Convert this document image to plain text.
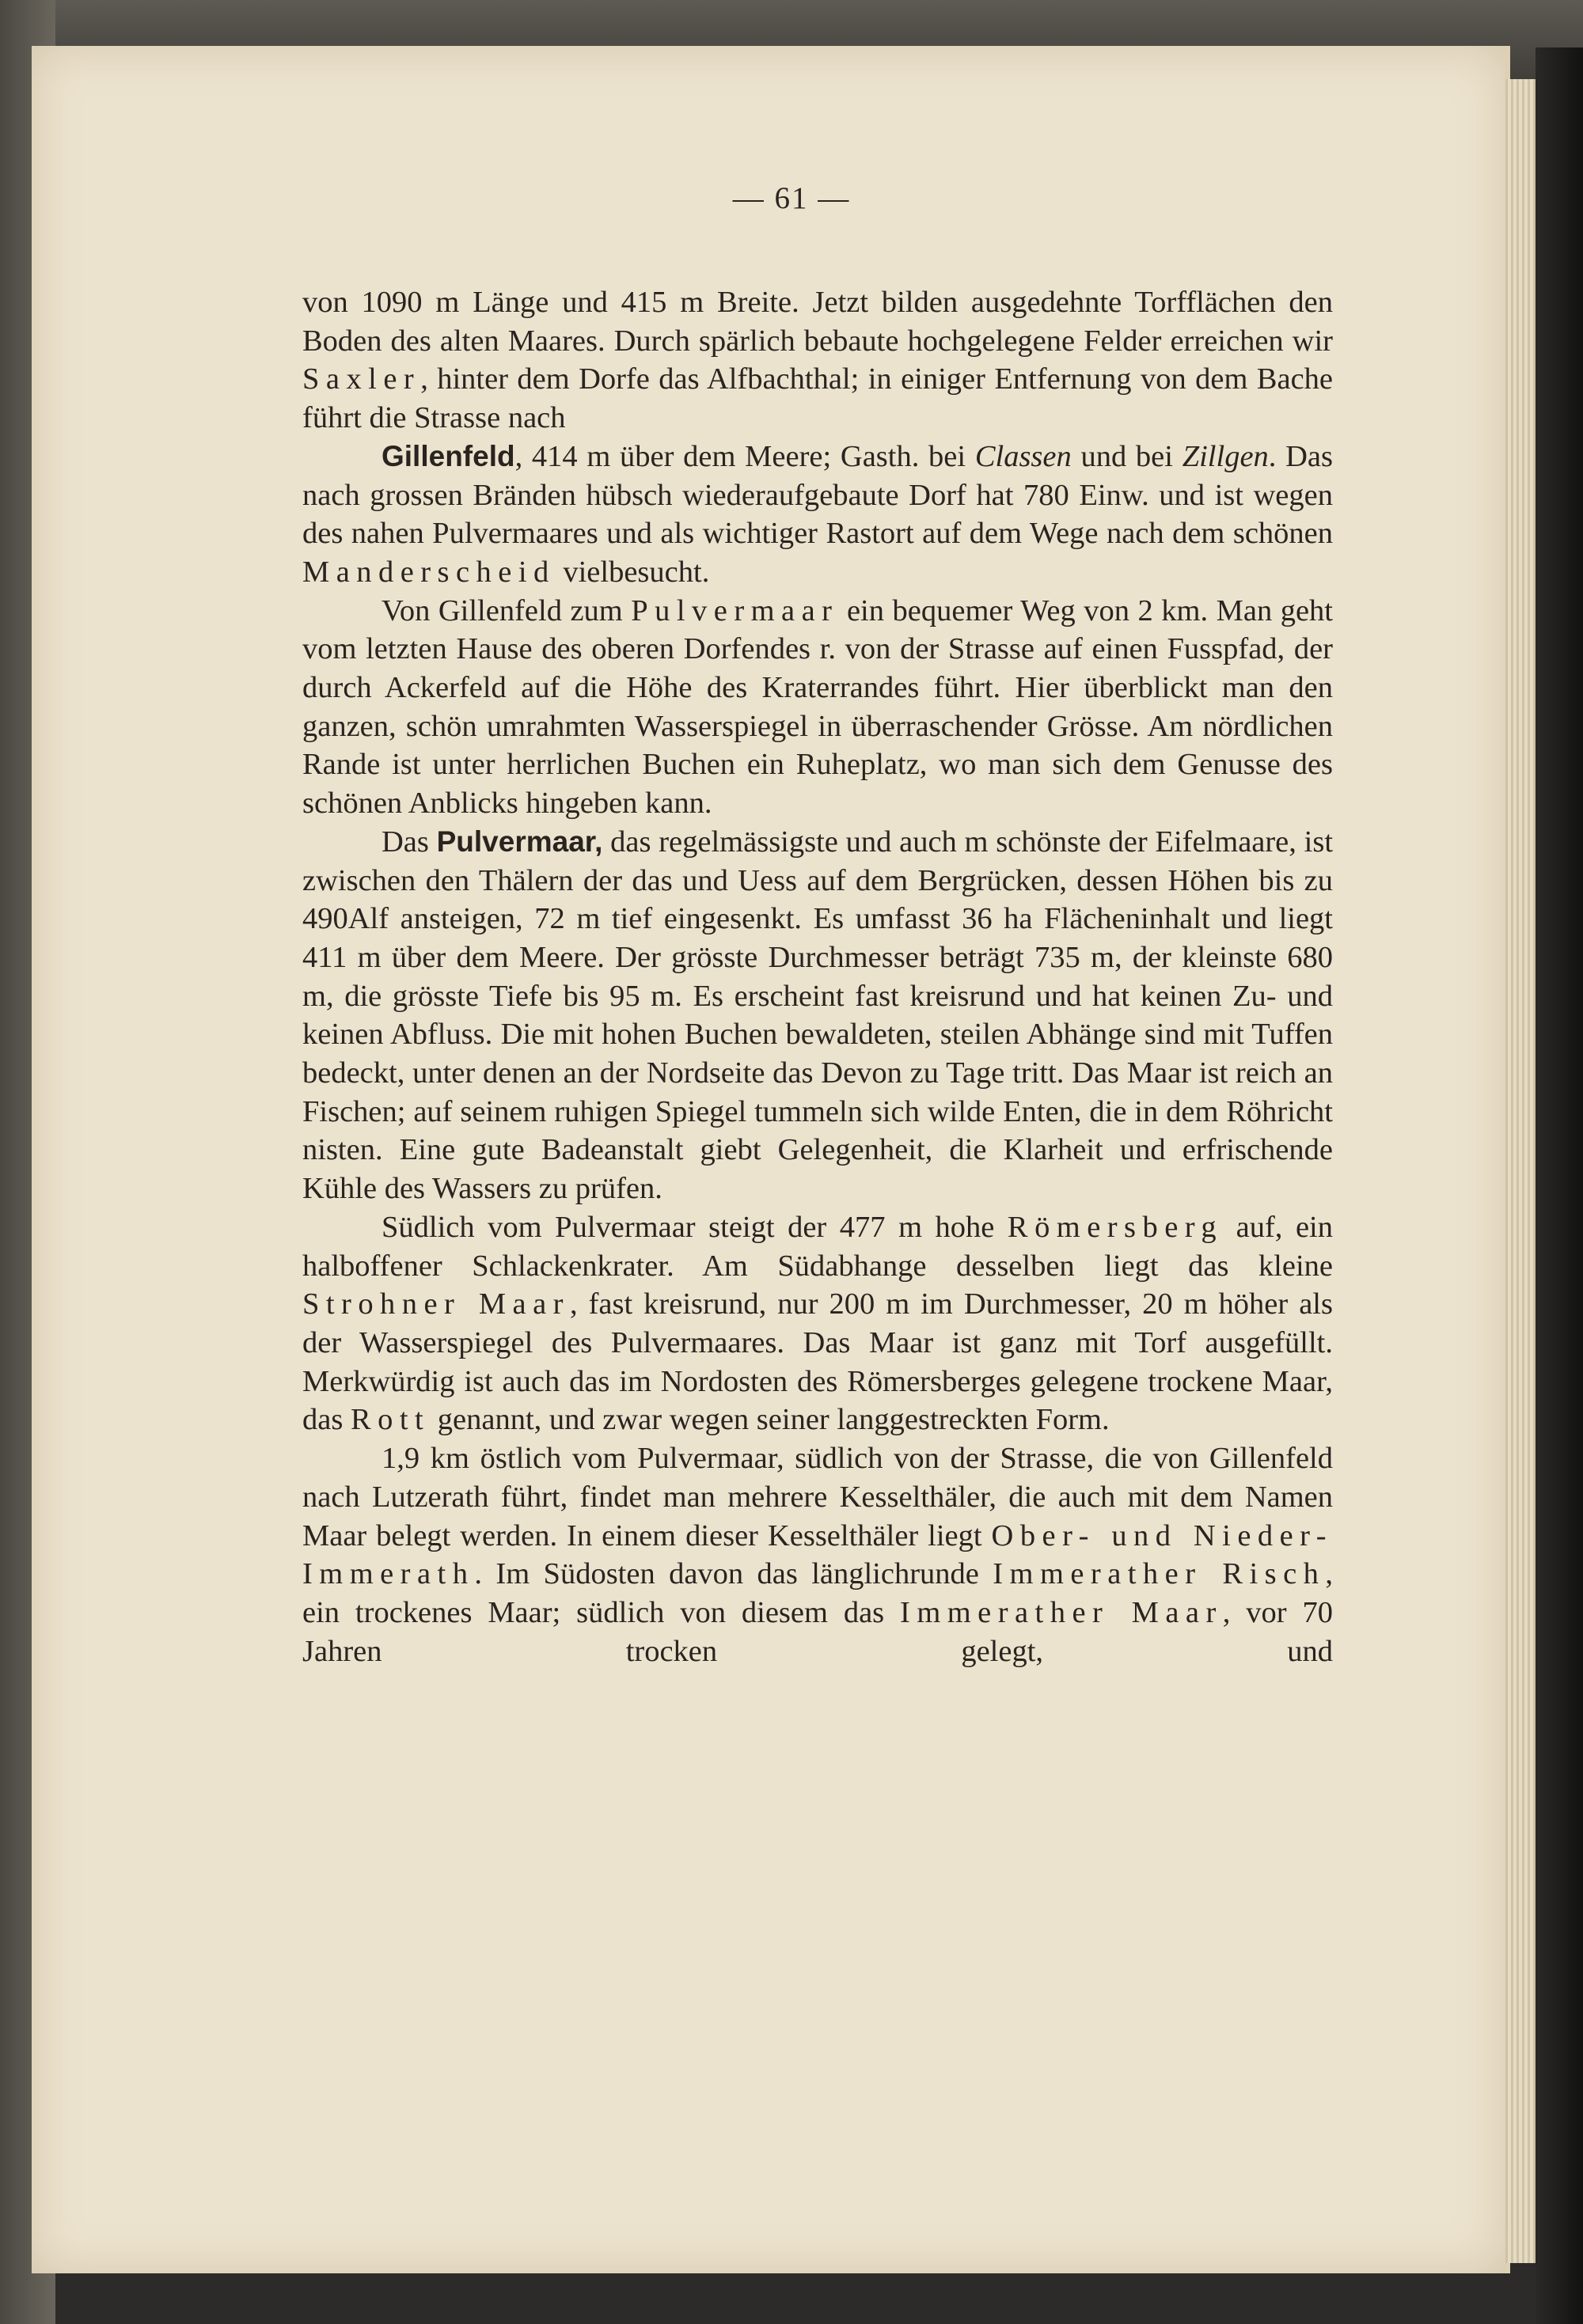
— 61 —

von 1090 m Länge und 415 m Breite. Jetzt bilden ausgedehnte Torfflächen den Boden des alten Maares. Durch spärlich bebaute hochgelegene Felder erreichen wir Saxler, hinter dem Dorfe das Alfbachthal; in einiger Entfernung von dem Bache führt die Strasse nach

Gillenfeld, 414 m über dem Meere; Gasth. bei Classen und bei Zillgen. Das nach grossen Bränden hübsch wiederaufgebaute Dorf hat 780 Einw. und ist wegen des nahen Pulvermaares und als wichtiger Rastort auf dem Wege nach dem schönen Manderscheid vielbesucht.

Von Gillenfeld zum Pulvermaar ein bequemer Weg von 2 km. Man geht vom letzten Hause des oberen Dorfendes r. von der Strasse auf einen Fusspfad, der durch Ackerfeld auf die Höhe des Kraterrandes führt. Hier überblickt man den ganzen, schön umrahmten Wasserspiegel in überraschender Grösse. Am nördlichen Rande ist unter herrlichen Buchen ein Ruheplatz, wo man sich dem Genusse des schönen Anblicks hingeben kann.

Das Pulvermaar, das regelmässigste und auch m schönste der Eifelmaare, ist zwischen den Thälern der das und Uess auf dem Bergrücken, dessen Höhen bis zu 490Alf ansteigen, 72 m tief eingesenkt. Es umfasst 36 ha Flächeninhalt und liegt 411 m über dem Meere. Der grösste Durchmesser beträgt 735 m, der kleinste 680 m, die grösste Tiefe bis 95 m. Es erscheint fast kreisrund und hat keinen Zu- und keinen Abfluss. Die mit hohen Buchen bewaldeten, steilen Abhänge sind mit Tuffen bedeckt, unter denen an der Nordseite das Devon zu Tage tritt. Das Maar ist reich an Fischen; auf seinem ruhigen Spiegel tummeln sich wilde Enten, die in dem Röhricht nisten. Eine gute Badeanstalt giebt Gelegenheit, die Klarheit und erfrischende Kühle des Wassers zu prüfen.

Südlich vom Pulvermaar steigt der 477 m hohe Römersberg auf, ein halboffener Schlackenkrater. Am Südabhange desselben liegt das kleine Strohner Maar, fast kreisrund, nur 200 m im Durchmesser, 20 m höher als der Wasserspiegel des Pulvermaares. Das Maar ist ganz mit Torf ausgefüllt. Merkwürdig ist auch das im Nordosten des Römersberges gelegene trockene Maar, das Rott genannt, und zwar wegen seiner langgestreckten Form.

1,9 km östlich vom Pulvermaar, südlich von der Strasse, die von Gillenfeld nach Lutzerath führt, findet man mehrere Kesselthäler, die auch mit dem Namen Maar belegt werden. In einem dieser Kesselthäler liegt Ober- und Nieder-Immerath. Im Südosten davon das länglichrunde Immerather Risch, ein trockenes Maar; südlich von diesem das Immerather Maar, vor 70 Jahren trocken gelegt, und
